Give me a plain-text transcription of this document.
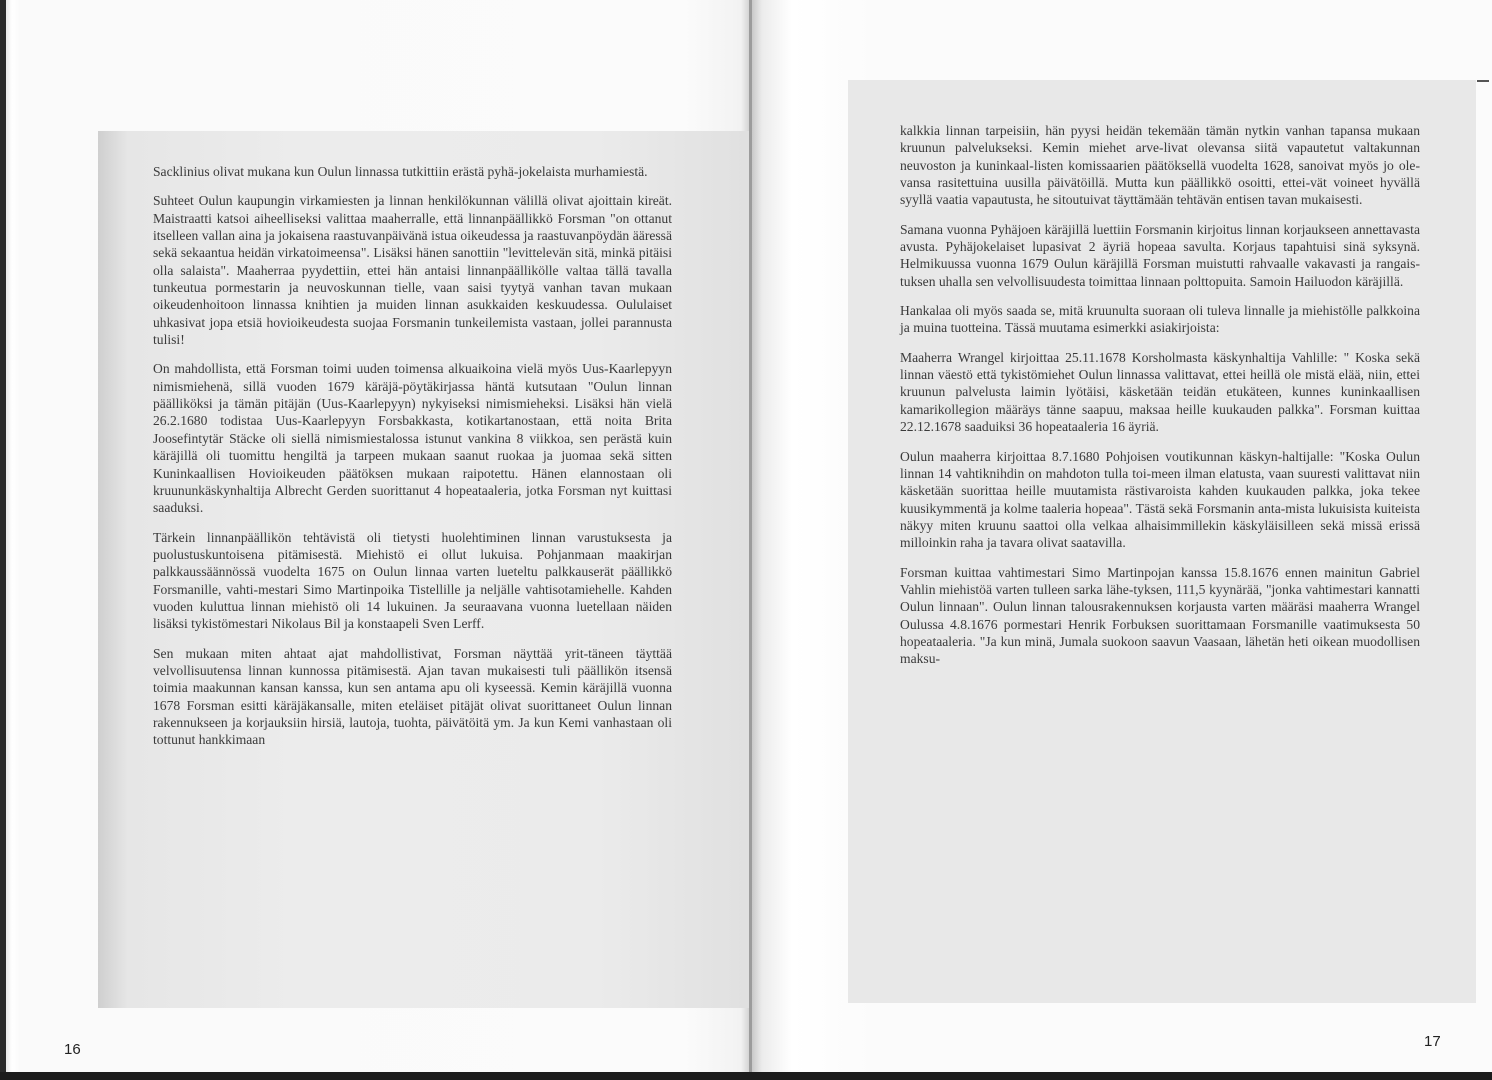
Sacklinius olivat mukana kun Oulun linnassa tutkittiin erästä pyhä-jokelaista murhamiestä.

Suhteet Oulun kaupungin virkamiesten ja linnan henkilökunnan välillä olivat ajoittain kireät. Maistraatti katsoi aiheelliseksi valittaa maaherralle, että linnanpäällikkö Forsman "on ottanut itselleen vallan aina ja jokaisena raastuvanpäivänä istua oikeudessa ja raastuvanpöydän ääressä sekä sekaantua heidän virkatoimeensa". Lisäksi hänen sanottiin "levittelevän sitä, minkä pitäisi olla salaista". Maaherraa pyydettiin, ettei hän antaisi linnanpäällikölle valtaa tällä tavalla tunkeutua pormestarin ja neuvoskunnan tielle, vaan saisi tyytyä vanhan tavan mukaan oikeudenhoitoon linnassa knihtien ja muiden linnan asukkaiden keskuudessa. Oululaiset uhkasivat jopa etsiä hovioikeudesta suojaa Forsmanin tunkeilemista vastaan, jollei parannusta tulisi!

On mahdollista, että Forsman toimi uuden toimensa alkuaikoina vielä myös Uus-Kaarlepyyn nimismiehenä, sillä vuoden 1679 käräjä-pöytäkirjassa häntä kutsutaan "Oulun linnan päälliköksi ja tämän pitäjän (Uus-Kaarlepyyn) nykyiseksi nimismieheksi. Lisäksi hän vielä 26.2.1680 todistaa Uus-Kaarlepyyn Forsbakkasta, kotikartanostaan, että noita Brita Joosefintytär Stäcke oli siellä nimismiestalossa istunut vankina 8 viikkoa, sen perästä kuin käräjillä oli tuomittu hengiltä ja tarpeen mukaan saanut ruokaa ja juomaa sekä sitten Kuninkaallisen Hovioikeuden päätöksen mukaan raipotettu. Hänen elannostaan oli kruununkäskynhaltija Albrecht Gerden suorittanut 4 hopeataaleria, jotka Forsman nyt kuittasi saaduksi.

Tärkein linnanpäällikön tehtävistä oli tietysti huolehtiminen linnan varustuksesta ja puolustuskuntoisena pitämisestä. Miehistö ei ollut lukuisa. Pohjanmaan maakirjan palkkaussäännössä vuodelta 1675 on Oulun linnaa varten lueteltu palkkauserät päällikkö Forsmanille, vahti-mestari Simo Martinpoika Tistellille ja neljälle vahtisotamiehelle. Kahden vuoden kuluttua linnan miehistö oli 14 lukuinen. Ja seuraavana vuonna luetellaan näiden lisäksi tykistömestari Nikolaus Bil ja konstaapeli Sven Lerff.

Sen mukaan miten ahtaat ajat mahdollistivat, Forsman näyttää yrit-täneen täyttää velvollisuutensa linnan kunnossa pitämisestä. Ajan tavan mukaisesti tuli päällikön itsensä toimia maakunnan kansan kanssa, kun sen antama apu oli kyseessä. Kemin käräjillä vuonna 1678 Forsman esitti käräjäkansalle, miten eteläiset pitäjät olivat suorittaneet Oulun linnan rakennukseen ja korjauksiin hirsiä, lautoja, tuohta, päivätöitä ym. Ja kun Kemi vanhastaan oli tottunut hankkimaan

16

kalkkia linnan tarpeisiin, hän pyysi heidän tekemään tämän nytkin vanhan tapansa mukaan kruunun palvelukseksi. Kemin miehet arve-livat olevansa siitä vapautetut valtakunnan neuvoston ja kuninkaal-listen komissaarien päätöksellä vuodelta 1628, sanoivat myös jo ole-vansa rasitettuina uusilla päivätöillä. Mutta kun päällikkö osoitti, ettei-vät voineet hyvällä syyllä vaatia vapautusta, he sitoutuivat täyttämään tehtävän entisen tavan mukaisesti.

Samana vuonna Pyhäjoen käräjillä luettiin Forsmanin kirjoitus linnan korjaukseen annettavasta avusta. Pyhäjokelaiset lupasivat 2 äyriä hopeaa savulta. Korjaus tapahtuisi sinä syksynä. Helmikuussa vuonna 1679 Oulun käräjillä Forsman muistutti rahvaalle vakavasti ja rangais-tuksen uhalla sen velvollisuudesta toimittaa linnaan polttopuita. Samoin Hailuodon käräjillä.

Hankalaa oli myös saada se, mitä kruunulta suoraan oli tuleva linnalle ja miehistölle palkkoina ja muina tuotteina. Tässä muutama esimerkki asiakirjoista:

Maaherra Wrangel kirjoittaa 25.11.1678 Korsholmasta käskynhaltija Vahlille: " Koska sekä linnan väestö että tykistömiehet Oulun linnassa valittavat, ettei heillä ole mistä elää, niin, ettei kruunun palvelusta laimin lyötäisi, käsketään teidän etukäteen, kunnes kuninkaallisen kamarikollegion määräys tänne saapuu, maksaa heille kuukauden palkka". Forsman kuittaa 22.12.1678 saaduiksi 36 hopeataaleria 16 äyriä.

Oulun maaherra kirjoittaa 8.7.1680 Pohjoisen voutikunnan käskyn-haltijalle: "Koska Oulun linnan 14 vahtiknihdin on mahdoton tulla toi-meen ilman elatusta, vaan suuresti valittavat niin käsketään suorittaa heille muutamista rästivaroista kahden kuukauden palkka, joka tekee kuusikymmentä ja kolme taaleria hopeaa". Tästä sekä Forsmanin anta-mista lukuisista kuiteista näkyy miten kruunu saattoi olla velkaa alhaisimmillekin käskyläisilleen sekä missä erissä milloinkin raha ja tavara olivat saatavilla.

Forsman kuittaa vahtimestari Simo Martinpojan kanssa 15.8.1676 ennen mainitun Gabriel Vahlin miehistöä varten tulleen sarka lähe-tyksen, 111,5 kyynärää, "jonka vahtimestari kannatti Oulun linnaan". Oulun linnan talousrakennuksen korjausta varten määräsi maaherra Wrangel Oulussa 4.8.1676 pormestari Henrik Forbuksen suorittamaan Forsmanille vaatimuksesta 50 hopeataaleria. "Ja kun minä, Jumala suokoon saavun Vaasaan, lähetän heti oikean muodollisen maksu-

17
